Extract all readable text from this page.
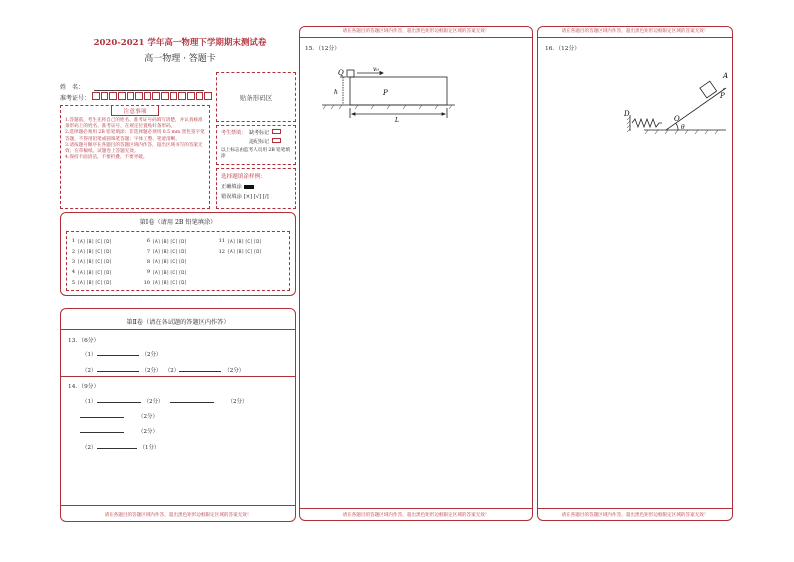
2020-2021 学年高一物理下学期期末测试卷
高一物理 · 答题卡
姓　名：
准考证号：	贴条形码区
注意事项
1.答题前，考生先将自己的姓名、准考证号码填写清楚，并认真核准条形码上的姓名、准考证号，在规定位置贴好条形码。
2.选择题必须用 2B 铅笔填涂；非选择题必须用 0.5 mm 黑色签字笔答题，不得用铅笔或圆珠笔答题；字体工整、笔迹清晰。
3.请按题号顺序在各题目的答题区域内作答，超出区域书写的答案无效；在草稿纸、试题卷上答题无效。
4.保持卡面清洁，不要折叠、不要弄破。
考生禁填： 缺考标记
违纪标记
以上标志由监考人员用 2B 铅笔填涂
选择题填涂样例：
正确填涂
错误填涂 [×] [√] [/]
第Ⅰ卷（请用 2B 铅笔填涂）
1 [A] [B] [C] [D]
2 [A] [B] [C] [D]
3 [A] [B] [C] [D]
4 [A] [B] [C] [D]
5 [A] [B] [C] [D]
6 [A] [B] [C] [D]
7 [A] [B] [C] [D]
8 [A] [B] [C] [D]
9 [A] [B] [C] [D]
10 [A] [B] [C] [D]
11 [A] [B] [C] [D]
12 [A] [B] [C] [D]
第Ⅱ卷（请在各试题的答题区内作答）
13．（6分）
（1）	（2分）
（2）	（2分） （2）	（2分）
14．（9分）
（1）	（2分）	（2分）
（2分）
（2分）
（2）	（1分）
请在各题目的答题区域内作答，超出黑色矩形边框限定区域的答案无效！
请在各题目的答题区域内作答，超出黑色矩形边框限定区域的答案无效！
15．（12分）
Q	v₀
h	P
L
请在各题目的答题区域内作答，超出黑色矩形边框限定区域的答案无效！
请在各题目的答题区域内作答，超出黑色矩形边框限定区域的答案无效！
16．（12分）
A
P
D
O
θ
请在各题目的答题区域内作答，超出黑色矩形边框限定区域的答案无效！
